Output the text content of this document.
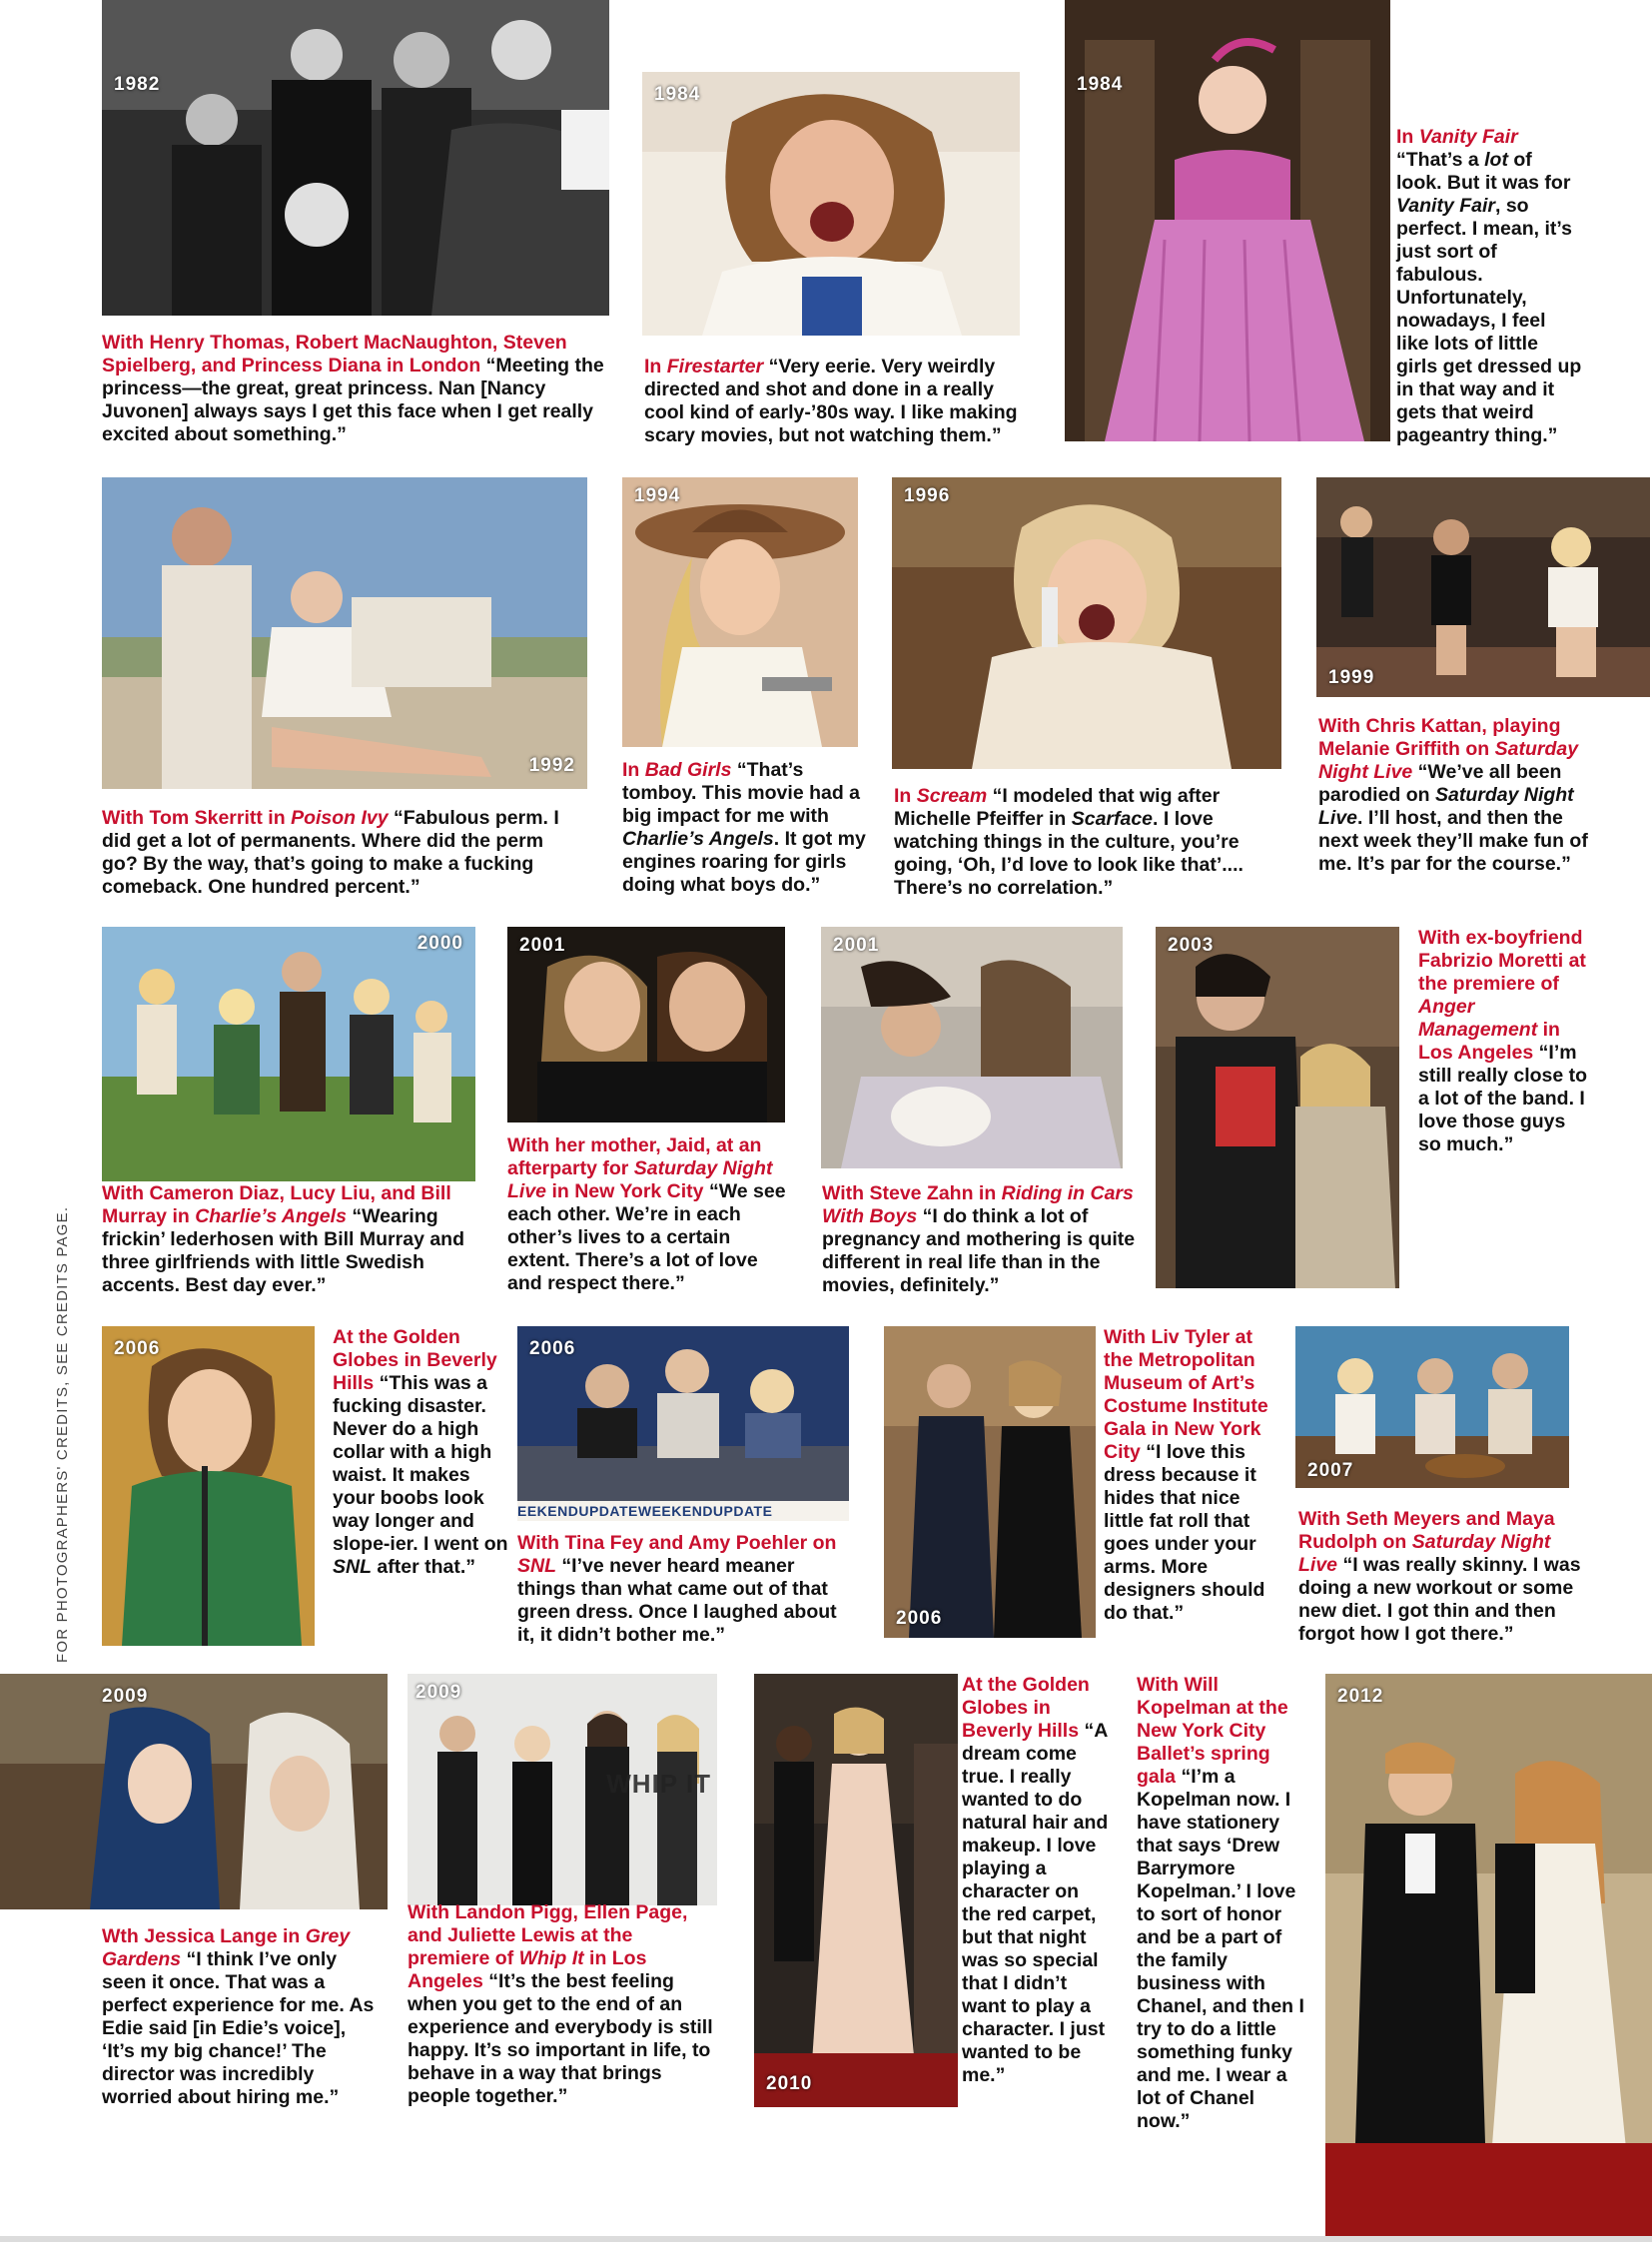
1982
With Henry Thomas, Robert MacNaughton, Steven Spielberg, and Princess Diana in London “Meeting the princess—the great, great princess. Nan [Nancy Juvonen] always says I get this face when I get really excited about something.”
1984
In Firestarter “Very eerie. Very weirdly directed and shot and done in a really cool kind of early-’80s way. I like making scary movies, but not watching them.”
1984
In Vanity Fair “That’s a lot of look. But it was for Vanity Fair, so perfect. I mean, it’s just sort of fabulous. Unfortunately, nowadays, I feel like lots of little girls get dressed up in that way and it gets that weird pageantry thing.”
1992
With Tom Skerritt in Poison Ivy “Fabulous perm. I did get a lot of permanents. Where did the perm go? By the way, that’s going to make a fucking comeback. One hundred percent.”
1994
In Bad Girls “That’s tomboy. This movie had a big impact for me with Charlie’s Angels. It got my engines roaring for girls doing what boys do.”
1996
In Scream “I modeled that wig after Michelle Pfeiffer in Scarface. I love watching things in the culture, you’re going, ‘Oh, I’d love to look like that’.... There’s no correlation.”
1999
With Chris Kattan, playing Melanie Griffith on Saturday Night Live “We’ve all been parodied on Saturday Night Live. I’ll host, and then the next week they’ll make fun of me. It’s par for the course.”
2000
With Cameron Diaz, Lucy Liu, and Bill Murray in Charlie’s Angels “Wearing frickin’ lederhosen with Bill Murray and three girlfriends with little Swedish accents. Best day ever.”
2001
With her mother, Jaid, at an afterparty for Saturday Night Live in New York City “We see each other. We’re in each other’s lives to a certain extent. There’s a lot of love and respect there.”
2001
With Steve Zahn in Riding in Cars With Boys “I do think a lot of pregnancy and mothering is quite different in real life than in the movies, definitely.”
2003	With ex-boyfriend Fabrizio Moretti at the premiere of Anger Management in Los Angeles “I’m still really close to a lot of the band. I love those guys so much.”
2006
At the Golden Globes in Beverly Hills “This was a fucking disaster. Never do a high collar with a high waist. It makes your boobs look way longer and slope-ier. I went on SNL after that.”
EEKENDUPDATEWEEKENDUPDATE
2006
With Tina Fey and Amy Poehler on SNL “I’ve never heard meaner things than what came out of that green dress. Once I laughed about it, it didn’t bother me.”
2006
With Liv Tyler at the Metropolitan Museum of Art’s Costume Institute Gala in New York City “I love this dress because it hides that nice little fat roll that goes under your arms. More designers should do that.”
2007
With Seth Meyers and Maya Rudolph on Saturday Night Live “I was really skinny. I was doing a new workout or some new diet. I got thin and then forgot how I got there.”
2009
Wth Jessica Lange in Grey Gardens “I think I’ve only seen it once. That was a perfect experience for me. As Edie said [in Edie’s voice], ‘It’s my big chance!’ The director was incredibly worried about hiring me.”
WHIP IT
2009
With Landon Pigg, Ellen Page, and Juliette Lewis at the premiere of Whip It in Los Angeles “It’s the best feeling when you get to the end of an experience and everybody is still happy. It’s so important in life, to behave in a way that brings people together.”
2010
At the Golden Globes in Beverly Hills “A dream come true. I really wanted to do natural hair and makeup. I love playing a character on the red carpet, but that night was so special that I didn’t want to play a character. I just wanted to be me.”
With Will Kopelman at the New York City Ballet’s spring gala “I’m a Kopelman now. I have stationery that says ‘Drew Barrymore Kopelman.’ I love to sort of honor and be a part of the family business with Chanel, and then I try to do a little something funky and me. I wear a lot of Chanel now.”
2012
FOR PHOTOGRAPHERS' CREDITS, SEE CREDITS PAGE.
